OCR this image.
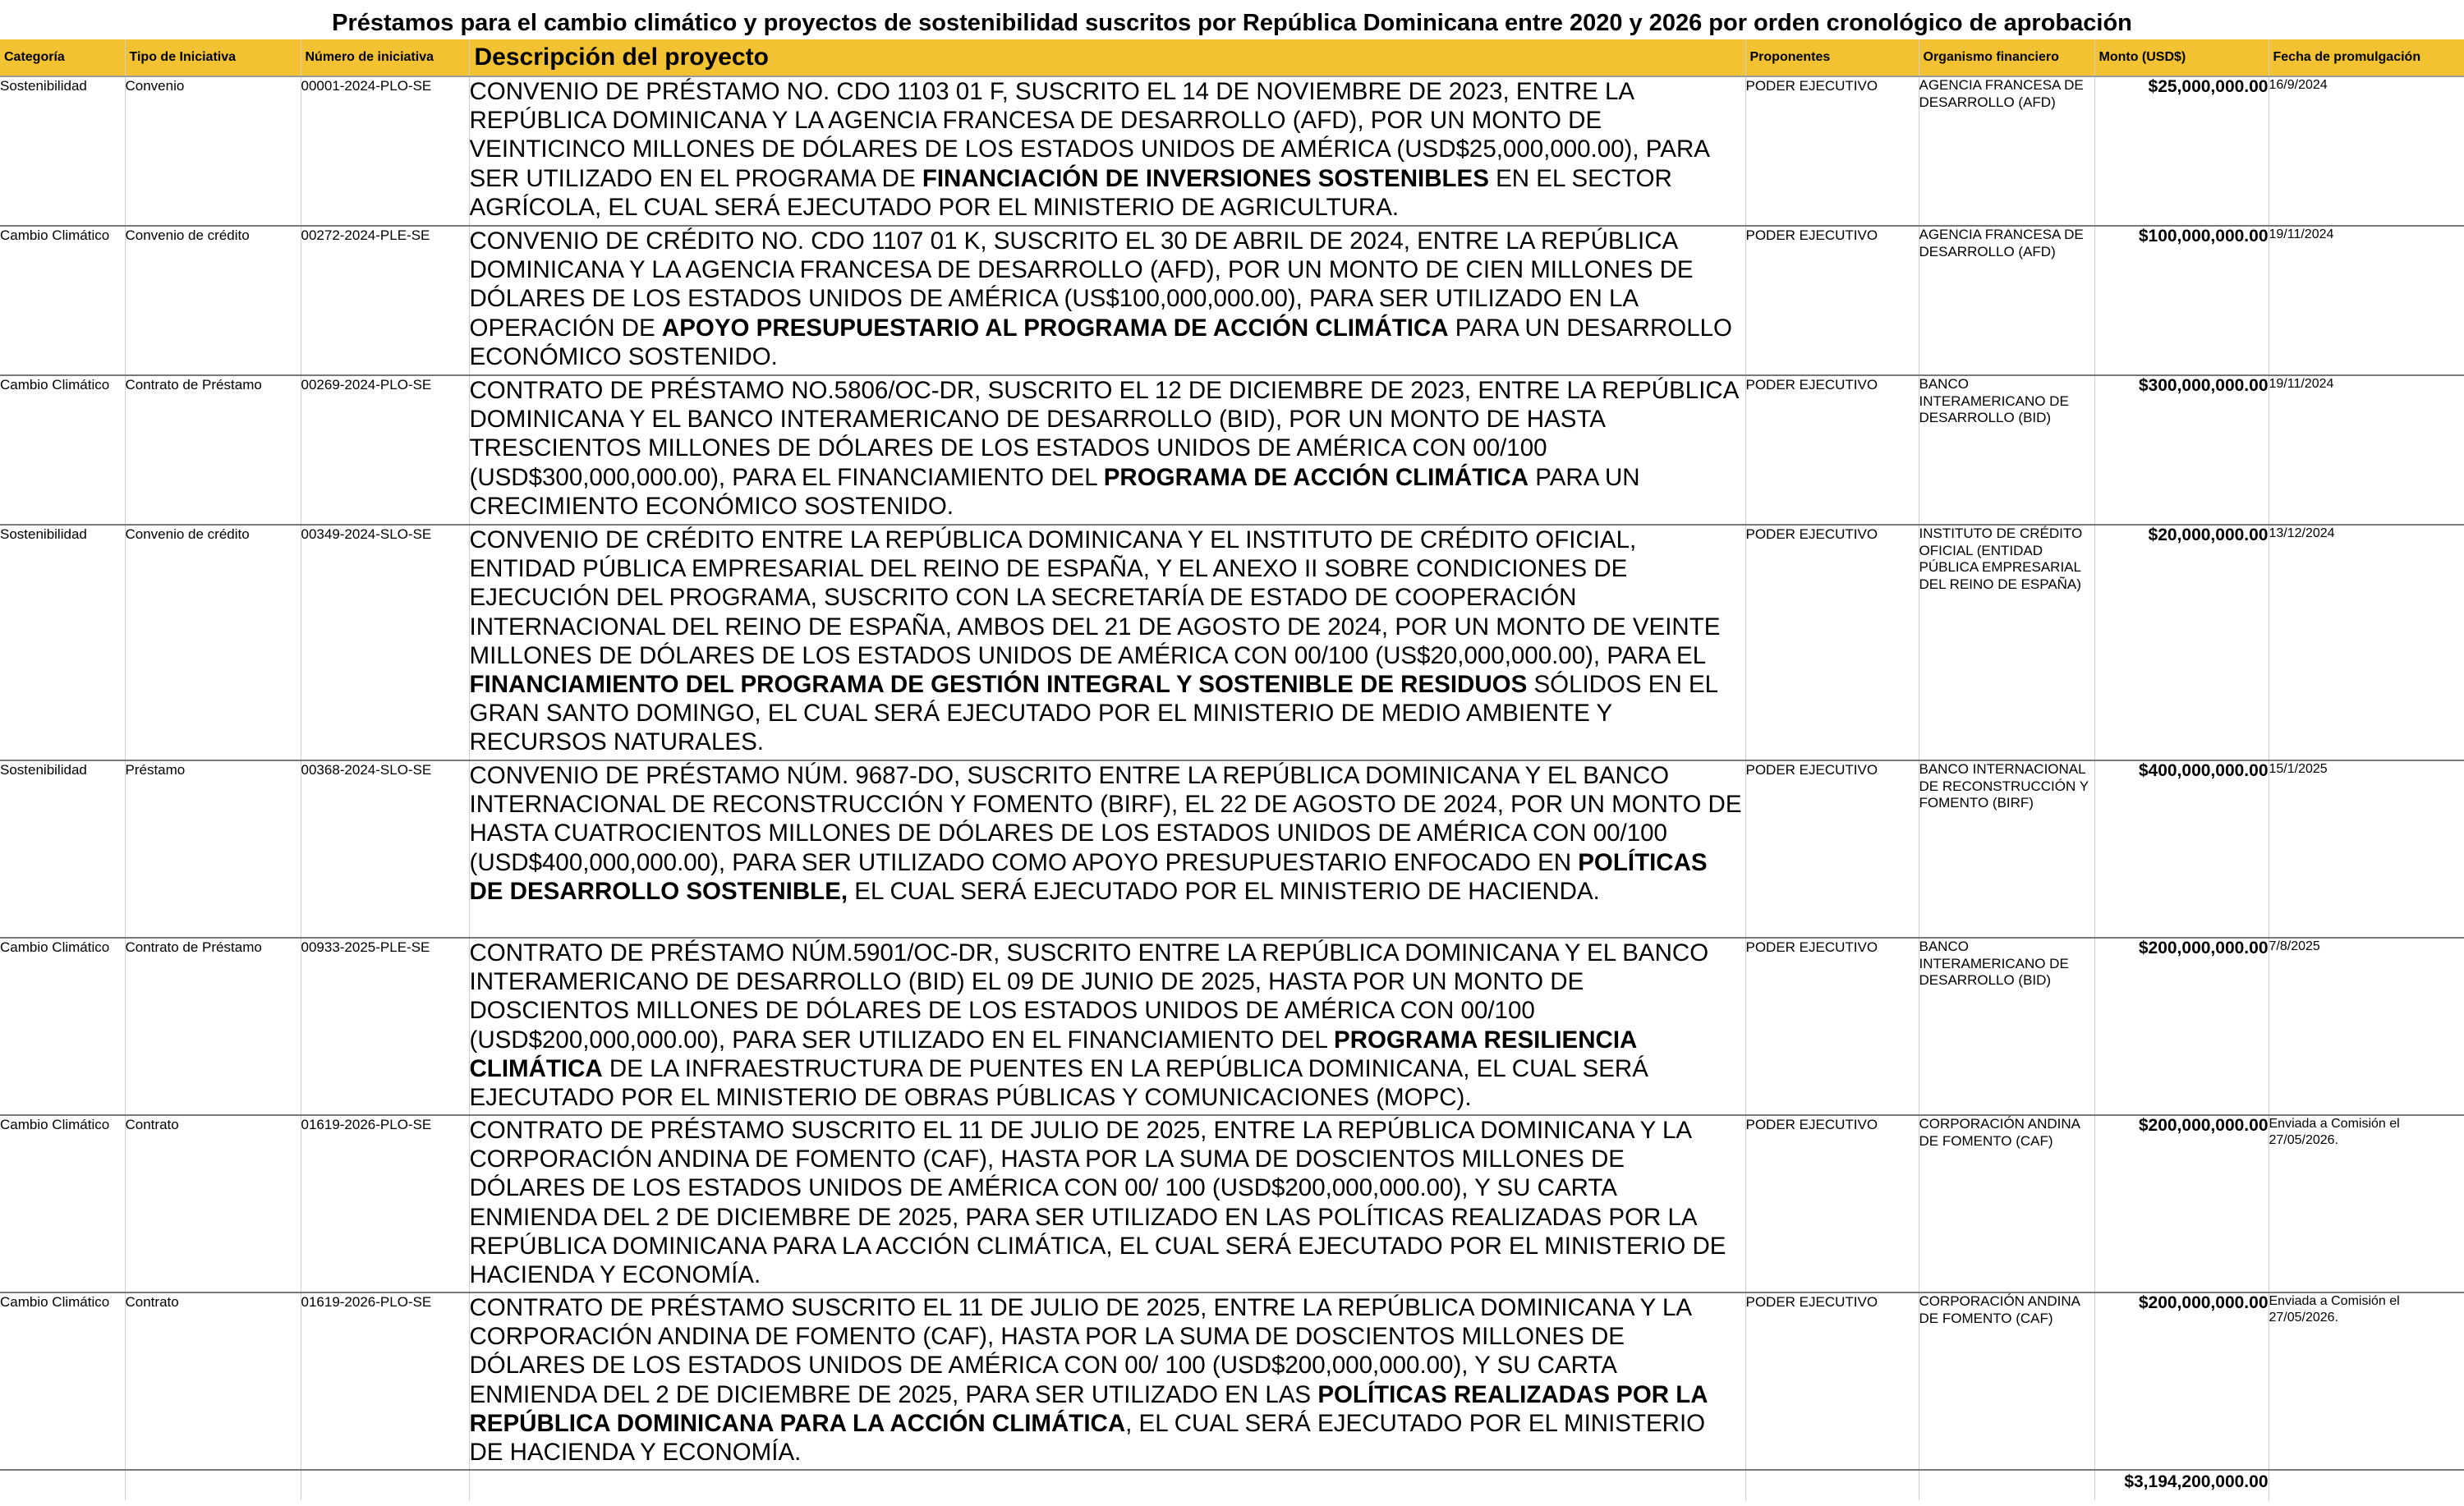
Préstamos para el cambio climático y proyectos de sostenibilidad suscritos por República Dominicana entre 2020 y 2026 por orden cronológico de aprobación
Categoría	Tipo de Iniciativa	Número de iniciativa	Descripción del proyecto	Proponentes	Organismo financiero	Monto (USD$)	Fecha de promulgación
Sostenibilidad	Convenio	00001-2024-PLO-SE	CONVENIO DE PRÉSTAMO NO. CDO 1103 01 F, SUSCRITO EL 14 DE NOVIEMBRE DE 2023, ENTRE LA REPÚBLICA DOMINICANA Y LA AGENCIA FRANCESA DE DESARROLLO (AFD), POR UN MONTO DE VEINTICINCO MILLONES DE DÓLARES DE LOS ESTADOS UNIDOS DE AMÉRICA (USD$25,000,000.00), PARA SER UTILIZADO EN EL PROGRAMA DE FINANCIACIÓN DE INVERSIONES SOSTENIBLES EN EL SECTOR AGRÍCOLA, EL CUAL SERÁ EJECUTADO POR EL MINISTERIO DE AGRICULTURA.	PODER EJECUTIVO	AGENCIA FRANCESA DE DESARROLLO (AFD)	$25,000,000.00	16/9/2024
Cambio Climático	Convenio de crédito	00272-2024-PLE-SE	CONVENIO DE CRÉDITO NO. CDO 1107 01 K, SUSCRITO EL 30 DE ABRIL DE 2024, ENTRE LA REPÚBLICA DOMINICANA Y LA AGENCIA FRANCESA DE DESARROLLO (AFD), POR UN MONTO DE CIEN MILLONES DE DÓLARES DE LOS ESTADOS UNIDOS DE AMÉRICA (US$100,000,000.00), PARA SER UTILIZADO EN LA OPERACIÓN DE APOYO PRESUPUESTARIO AL PROGRAMA DE ACCIÓN CLIMÁTICA PARA UN DESARROLLO ECONÓMICO SOSTENIDO.	PODER EJECUTIVO	AGENCIA FRANCESA DE DESARROLLO (AFD)	$100,000,000.00	19/11/2024
Cambio Climático	Contrato de Préstamo	00269-2024-PLO-SE	CONTRATO DE PRÉSTAMO NO.5806/OC-DR, SUSCRITO EL 12 DE DICIEMBRE DE 2023, ENTRE LA REPÚBLICA DOMINICANA Y EL BANCO INTERAMERICANO DE DESARROLLO (BID), POR UN MONTO DE HASTA TRESCIENTOS MILLONES DE DÓLARES DE LOS ESTADOS UNIDOS DE AMÉRICA CON 00/100 (USD$300,000,000.00), PARA EL FINANCIAMIENTO DEL PROGRAMA DE ACCIÓN CLIMÁTICA PARA UN CRECIMIENTO ECONÓMICO SOSTENIDO.	PODER EJECUTIVO	BANCO INTERAMERICANO DE DESARROLLO (BID)	$300,000,000.00	19/11/2024
Sostenibilidad	Convenio de crédito	00349-2024-SLO-SE	CONVENIO DE CRÉDITO ENTRE LA REPÚBLICA DOMINICANA Y EL INSTITUTO DE CRÉDITO OFICIAL, ENTIDAD PÚBLICA EMPRESARIAL DEL REINO DE ESPAÑA, Y EL ANEXO II SOBRE CONDICIONES DE EJECUCIÓN DEL PROGRAMA, SUSCRITO CON LA SECRETARÍA DE ESTADO DE COOPERACIÓN INTERNACIONAL DEL REINO DE ESPAÑA, AMBOS DEL 21 DE AGOSTO DE 2024, POR UN MONTO DE VEINTE MILLONES DE DÓLARES DE LOS ESTADOS UNIDOS DE AMÉRICA CON 00/100 (US$20,000,000.00), PARA EL FINANCIAMIENTO DEL PROGRAMA DE GESTIÓN INTEGRAL Y SOSTENIBLE DE RESIDUOS SÓLIDOS EN EL GRAN SANTO DOMINGO, EL CUAL SERÁ EJECUTADO POR EL MINISTERIO DE MEDIO AMBIENTE Y RECURSOS NATURALES.	PODER EJECUTIVO	INSTITUTO DE CRÉDITO OFICIAL (ENTIDAD PÚBLICA EMPRESARIAL DEL REINO DE ESPAÑA)	$20,000,000.00	13/12/2024
Sostenibilidad	Préstamo	00368-2024-SLO-SE	CONVENIO DE PRÉSTAMO NÚM. 9687-DO, SUSCRITO ENTRE LA REPÚBLICA DOMINICANA Y EL BANCO INTERNACIONAL DE RECONSTRUCCIÓN Y FOMENTO (BIRF), EL 22 DE AGOSTO DE 2024, POR UN MONTO DE HASTA CUATROCIENTOS MILLONES DE DÓLARES DE LOS ESTADOS UNIDOS DE AMÉRICA CON 00/100 (USD$400,000,000.00), PARA SER UTILIZADO COMO APOYO PRESUPUESTARIO ENFOCADO EN POLÍTICAS DE DESARROLLO SOSTENIBLE, EL CUAL SERÁ EJECUTADO POR EL MINISTERIO DE HACIENDA.	PODER EJECUTIVO	BANCO INTERNACIONAL DE RECONSTRUCCIÓN Y FOMENTO (BIRF)	$400,000,000.00	15/1/2025
Cambio Climático	Contrato de Préstamo	00933-2025-PLE-SE	CONTRATO DE PRÉSTAMO NÚM.5901/OC-DR, SUSCRITO ENTRE LA REPÚBLICA DOMINICANA Y EL BANCO INTERAMERICANO DE DESARROLLO (BID) EL 09 DE JUNIO DE 2025, HASTA POR UN MONTO DE DOSCIENTOS MILLONES DE DÓLARES DE LOS ESTADOS UNIDOS DE AMÉRICA CON 00/100 (USD$200,000,000.00), PARA SER UTILIZADO EN EL FINANCIAMIENTO DEL PROGRAMA RESILIENCIA CLIMÁTICA DE LA INFRAESTRUCTURA DE PUENTES EN LA REPÚBLICA DOMINICANA, EL CUAL SERÁ EJECUTADO POR EL MINISTERIO DE OBRAS PÚBLICAS Y COMUNICACIONES (MOPC).	PODER EJECUTIVO	BANCO INTERAMERICANO DE DESARROLLO (BID)	$200,000,000.00	7/8/2025
Cambio Climático	Contrato	01619-2026-PLO-SE	CONTRATO DE PRÉSTAMO SUSCRITO EL 11 DE JULIO DE 2025, ENTRE LA REPÚBLICA DOMINICANA Y LA CORPORACIÓN ANDINA DE FOMENTO (CAF), HASTA POR LA SUMA DE DOSCIENTOS MILLONES DE DÓLARES DE LOS ESTADOS UNIDOS DE AMÉRICA CON 00/ 100 (USD$200,000,000.00), Y SU CARTA ENMIENDA DEL 2 DE DICIEMBRE DE 2025, PARA SER UTILIZADO EN LAS POLÍTICAS REALIZADAS POR LA REPÚBLICA DOMINICANA PARA LA ACCIÓN CLIMÁTICA, EL CUAL SERÁ EJECUTADO POR EL MINISTERIO DE HACIENDA Y ECONOMÍA.	PODER EJECUTIVO	CORPORACIÓN ANDINA DE FOMENTO (CAF)	$200,000,000.00	Enviada a Comisión el 27/05/2026.
Cambio Climático	Contrato	01619-2026-PLO-SE	CONTRATO DE PRÉSTAMO SUSCRITO EL 11 DE JULIO DE 2025, ENTRE LA REPÚBLICA DOMINICANA Y LA CORPORACIÓN ANDINA DE FOMENTO (CAF), HASTA POR LA SUMA DE DOSCIENTOS MILLONES DE DÓLARES DE LOS ESTADOS UNIDOS DE AMÉRICA CON 00/ 100 (USD$200,000,000.00), Y SU CARTA ENMIENDA DEL 2 DE DICIEMBRE DE 2025, PARA SER UTILIZADO EN LAS POLÍTICAS REALIZADAS POR LA REPÚBLICA DOMINICANA PARA LA ACCIÓN CLIMÁTICA, EL CUAL SERÁ EJECUTADO POR EL MINISTERIO DE HACIENDA Y ECONOMÍA.	PODER EJECUTIVO	CORPORACIÓN ANDINA DE FOMENTO (CAF)	$200,000,000.00	Enviada a Comisión el 27/05/2026.
						$3,194,200,000.00	
